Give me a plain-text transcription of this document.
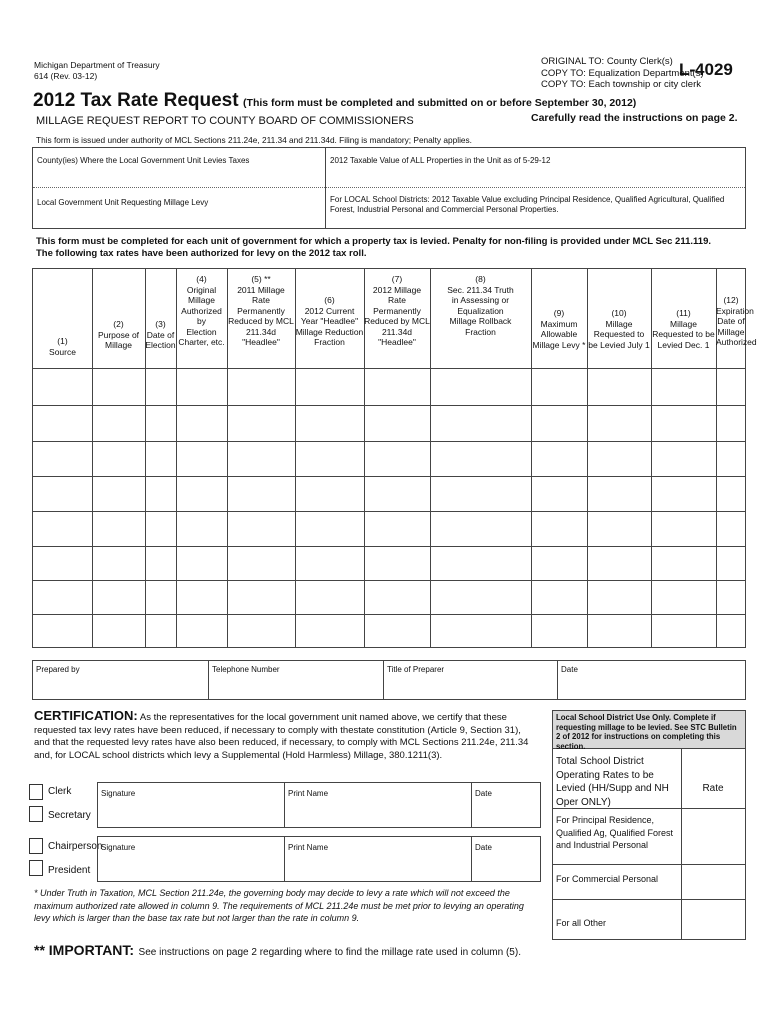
Michigan Department of Treasury
614 (Rev. 03-12)
ORIGINAL TO: County Clerk(s)
COPY TO: Equalization Department(s)
COPY TO: Each township or city clerk
L-4029
2012 Tax Rate Request (This form must be completed and submitted on or before September 30, 2012)
MILLAGE REQUEST REPORT TO COUNTY BOARD OF COMMISSIONERS	Carefully read the instructions on page 2.
This form is issued under authority of MCL Sections 211.24e, 211.34 and 211.34d. Filing is mandatory; Penalty applies.
County(ies) Where the Local Government Unit Levies Taxes	2012 Taxable Value of ALL Properties in the Unit as of 5-29-12
Local Government Unit Requesting Millage Levy	For LOCAL School Districts: 2012 Taxable Value excluding Principal Residence, Qualified Agricultural, Qualified Forest, Industrial Personal and Commercial Personal Properties.
This form must be completed for each unit of government for which a property tax is levied. Penalty for non-filing is provided under MCL Sec 211.119. The following tax rates have been authorized for levy on the 2012 tax roll.
(1)
Source
(2)
Purpose of
Millage
(3)
Date of
Election
(4)
Original
Millage
Authorized by
Election
Charter, etc.
(5) **
2011 Millage
Rate Permanently
Reduced by MCL
211.34d
"Headlee"
(6)
2012 Current
Year "Headlee"
Millage Reduction
Fraction
(7)
2012 Millage
Rate Permanently
Reduced by MCL
211.34d
"Headlee"
(8)
Sec. 211.34 Truth
in Assessing or
Equalization
Millage Rollback
Fraction
(9)
Maximum
Allowable
Millage Levy *
(10)
Millage
Requested to
be Levied July 1
(11)
Millage
Requested to be
Levied Dec. 1
(12)
Expiration
Date of
Millage
Authorized
Prepared by	Telephone Number	Title of Preparer	Date
CERTIFICATION: As the representatives for the local government unit named above, we certify that these requested tax levy rates have been reduced, if necessary to comply with thestate constitution (Article 9, Section 31), and that the requested levy rates have also been reduced, if necessary, to comply with MCL Sections 211.24e, 211.34 and, for LOCAL school districts which levy a Supplemental (Hold Harmless) Millage, 380.1211(3).
Clerk
Secretary
Signature	Print Name	Date
Chairperson
President
Signature	Print Name	Date
* Under Truth in Taxation, MCL Section 211.24e, the governing body may decide to levy a rate which will not exceed the maximum authorized rate allowed in column 9. The requirements of MCL 211.24e must be met prior to levying an operating levy which is larger than the base tax rate but not larger than the rate in column 9.
** IMPORTANT: See instructions on page 2 regarding where to find the millage rate used in column (5).
Local School District Use Only. Complete if requesting millage to be levied. See STC Bulletin 2 of 2012 for instructions on completing this section.
Total School District Operating Rates to be Levied (HH/Supp and NH Oper ONLY)
Rate
For Principal Residence, Qualified Ag, Qualified Forest and Industrial Personal
For Commercial Personal
For all Other
